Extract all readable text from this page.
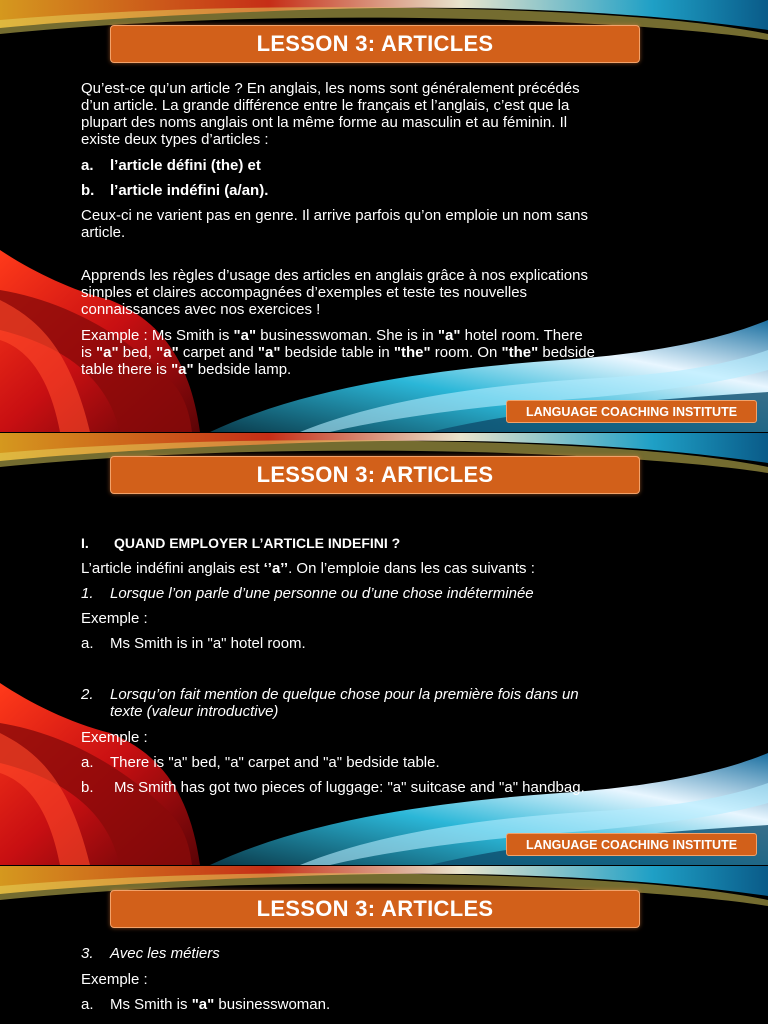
LESSON 3: ARTICLES
Qu’est-ce qu’un article ? En anglais, les noms sont généralement précédés
d’un article. La grande différence entre le français et l’anglais, c’est que la
plupart des noms anglais ont la même forme au masculin et au féminin. Il
existe deux types d’articles :
a.	l’article défini (the) et
b.	l’article indéfini (a/an).
Ceux-ci ne varient pas en genre. Il arrive parfois qu’on emploie un nom sans
article.
Apprends les règles d’usage des articles en anglais grâce à nos explications
simples et claires accompagnées d’exemples et teste tes nouvelles
connaissances avec nos exercices !
Example : Ms Smith is "a" businesswoman. She is in "a" hotel room. There
is "a" bed, "a" carpet and "a" bedside table in "the" room. On "the" bedside
table there is "a" bedside lamp.
LANGUAGE COACHING INSTITUTE
LESSON 3: ARTICLES
I.	QUAND EMPLOYER L’ARTICLE INDEFINI ?
L’article indéfini anglais est ‘’a’’. On l’emploie dans les cas suivants :
1.	Lorsque l’on parle d’une personne ou d’une chose indéterminée
Exemple :
a.	Ms Smith is in "a" hotel room.
2.	Lorsqu’on fait mention de quelque chose pour la première fois dans un
texte (valeur introductive)
Exemple :
a.	There is "a" bed, "a" carpet and "a" bedside table.
b.	Ms Smith has got two pieces of luggage: "a" suitcase and "a" handbag.
LANGUAGE COACHING INSTITUTE
LESSON 3: ARTICLES
3.	Avec les métiers
Exemple :
a.	Ms Smith is "a" businesswoman.
